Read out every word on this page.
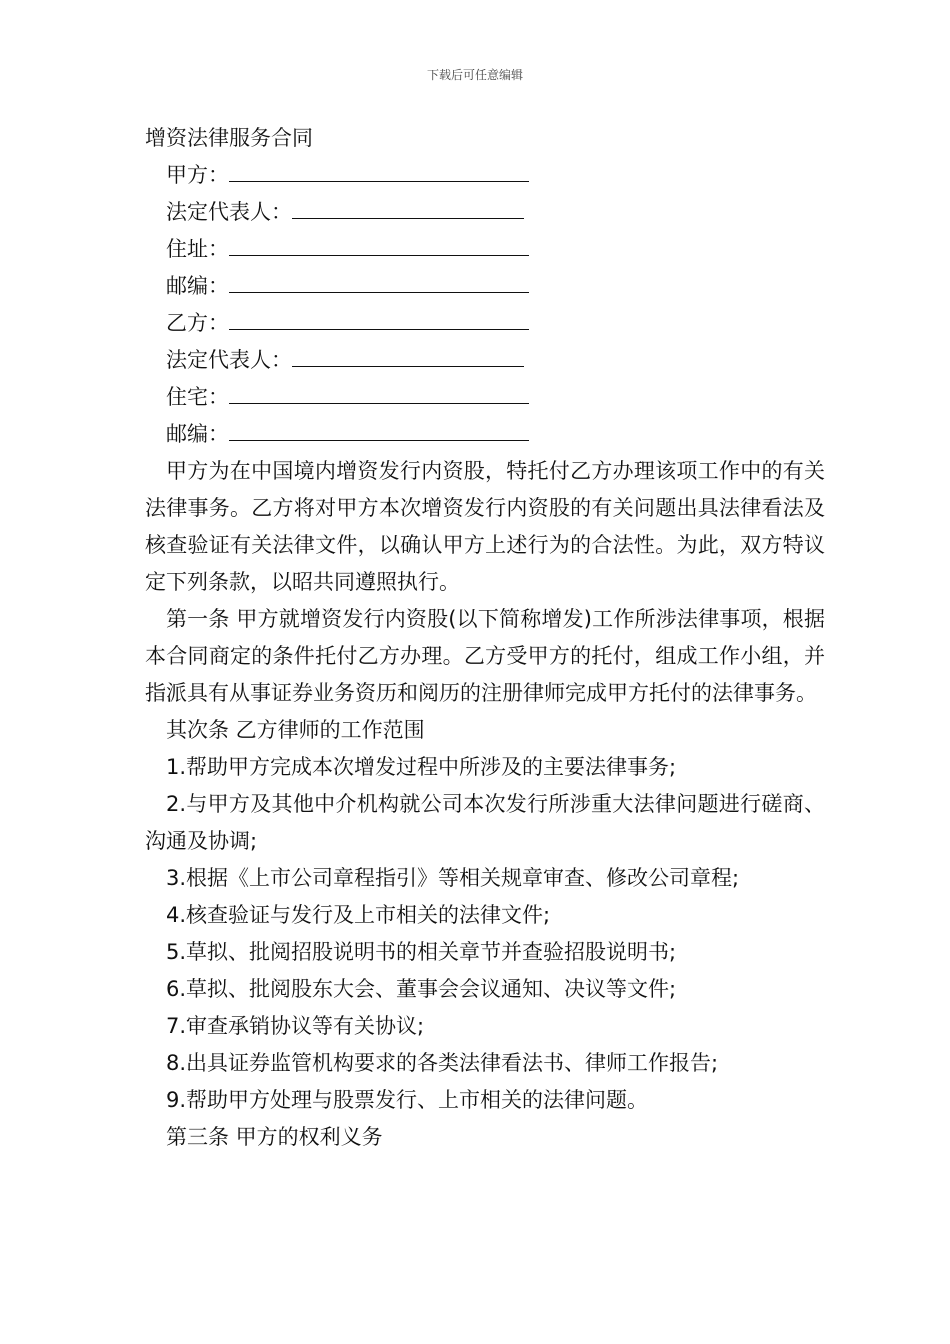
下载后可任意编辑
增资法律服务合同
甲方：
法定代表人：
住址：
邮编：
乙方：
法定代表人：
住宅：
邮编：

甲方为在中国境内增资发行内资股，特托付乙方办理该项工作中的有关法律事务。乙方将对甲方本次增资发行内资股的有关问题出具法律看法及核查验证有关法律文件，以确认甲方上述行为的合法性。为此，双方特议定下列条款，以昭共同遵照执行。

第一条 甲方就增资发行内资股(以下简称增发)工作所涉法律事项，根据本合同商定的条件托付乙方办理。乙方受甲方的托付，组成工作小组，并指派具有从事证券业务资历和阅历的注册律师完成甲方托付的法律事务。

其次条 乙方律师的工作范围

1.帮助甲方完成本次增发过程中所涉及的主要法律事务;

2.与甲方及其他中介机构就公司本次发行所涉重大法律问题进行磋商、沟通及协调;

3.根据《上市公司章程指引》等相关规章审查、修改公司章程;

4.核查验证与发行及上市相关的法律文件;

5.草拟、批阅招股说明书的相关章节并查验招股说明书;

6.草拟、批阅股东大会、董事会会议通知、决议等文件;

7.审查承销协议等有关协议;

8.出具证券监管机构要求的各类法律看法书、律师工作报告;

9.帮助甲方处理与股票发行、上市相关的法律问题。

第三条 甲方的权利义务
